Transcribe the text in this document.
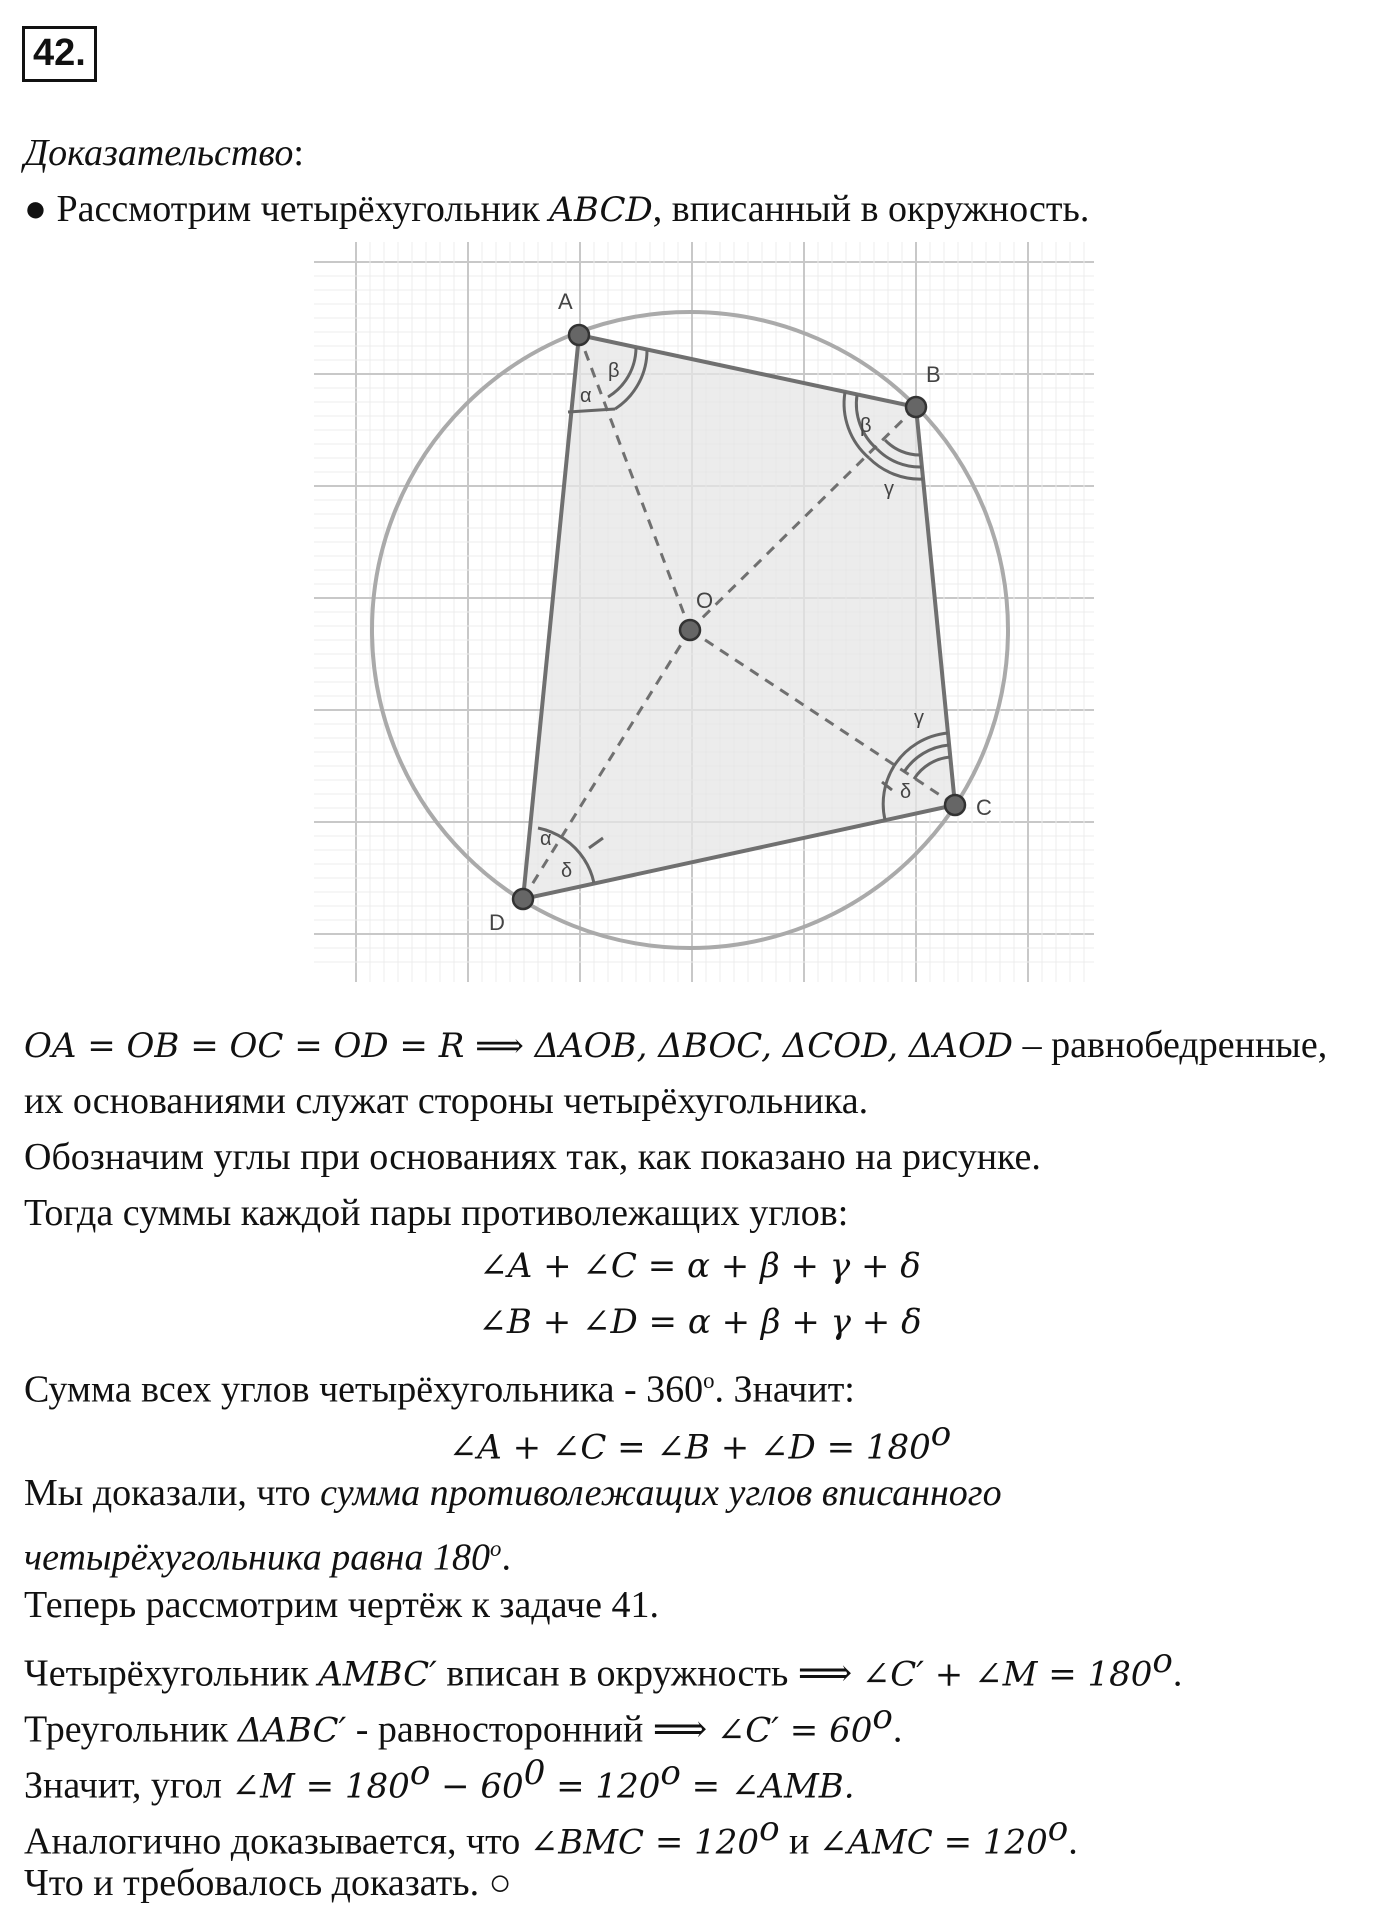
42.
Доказательство:
● Рассмотрим четырёхугольник ABCD, вписанный в окружность.
β
α
β
γ
γ
δ
α
δ
A
B
C
D
O
OA = OB = OC = OD = R ⟹ ΔAOB, ΔBOC, ΔCOD, ΔAOD – равнобедренные,
их основаниями служат стороны четырёхугольника.
Обозначим углы при основаниях так, как показано на рисунке.
Тогда суммы каждой пары противолежащих углов:
∠A + ∠C = α + β + γ + δ
∠B + ∠D = α + β + γ + δ
Сумма всех углов четырёхугольника - 360$^o$. Значит:
∠A + ∠C = ∠B + ∠D = $180^o$
Мы доказали, что сумма противолежащих углов вписанного
четырёхугольника равна 180$^o$.
Теперь рассмотрим чертёж к задаче 41.
Четырёхугольник AMBC′ вписан в окружность ⟹ ∠C′ + ∠M = $180^o$.
Треугольник ΔABC′ - равносторонний ⟹ ∠C′ = $60^o$.
Значит, угол ∠M = $180^o - 60^0 = 120^o$ = ∠AMB.
Аналогично доказывается, что ∠BMC = $120^o$ и ∠AMC = $120^o$.
Что и требовалось доказать. ○
